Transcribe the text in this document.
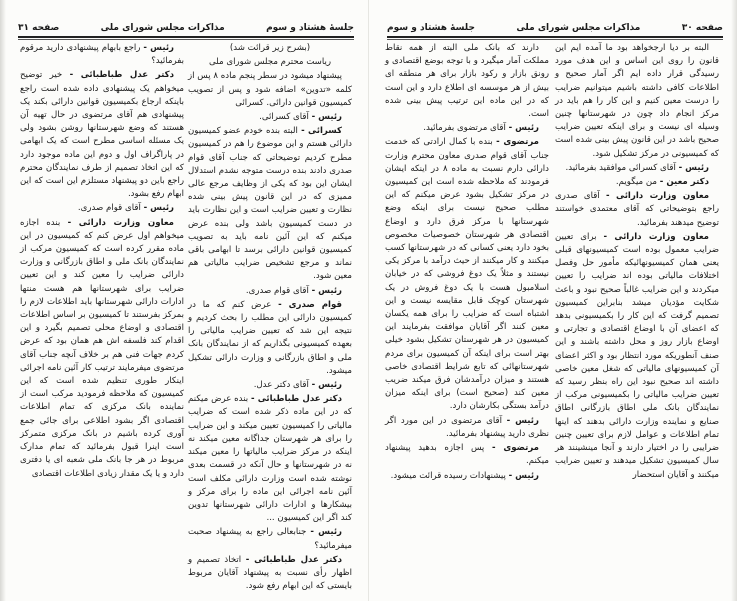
جلسهٔ هشتاد و سوم
مذاکرات مجلس شورای ملی
صفحه ۳۱

(بشرح زیر قرائت شد)

ریاست محترم مجلس شورای ملی

پیشنهاد میشود در سطر پنجم ماده ۸ پس از کلمه «تدوین» اضافه شود و پس از تصویب کمیسیون قوانین دارائی. کسرائی

رئیس - آقای کسرائی.

کسرائی - البته بنده خودم عضو کمیسیون دارائی هستم و این موضوع را هم در کمیسیون مطرح کردیم توضیحاتی که جناب آقای قوام صدری دادند بنده درست متوجه نشدم استدلال ایشان این بود که یکی از وظایف مرجع عالی ممیزی که در این قانون پیش بینی شده نظارت و تعیین ضرایب است و این نظارت باید در دست کمیسیون باشد ولی بنده عرض میکنم که این آئین نامه باید به تصویب کمیسیون قوانین دارائی برسد تا ابهامی باقی نماند و مرجع تشخیص ضرایب مالیاتی هم معین شود.

رئیس - آقای قوام صدری.

قوام صدری - عرض کنم که ما در کمیسیون دارائی این مطلب را بحث کردیم و نتیجه این شد که تعیین ضرایب مالیاتی را بعهده کمیسیونی بگذاریم که از نمایندگان بانک ملی و اطاق بازرگانی و وزارت دارائی تشکیل میشود.

رئیس - آقای دکتر عدل.

دکتر عدل طباطبائی - بنده عرض میکنم که در این ماده ذکر شده است که ضرایب مالیاتی را کمیسیون تعیین میکند و این ضرایب را برای هر شهرستان جداگانه معین میکند نه اینکه در مرکز ضرایب مالیاتها را معین میکند نه در شهرستانها و حال آنکه در قسمت بعدی نوشته شده است وزارت دارائی مکلف است آئین نامه اجرائی این ماده را برای مرکز و بیشکارها و ادارات دارائی شهرستانها تدوین کند اگر این کمیسیون ...

رئیس - جنابعالی راجع به پیشنهاد صحبت میفرمائید؟

دکتر عدل طباطبائی - اتخاذ تصمیم و اظهار رأی نسبت به پیشنهاد آقایان مربوط بایستی که این ابهام رفع شود.

رئیس - راجع بابهام پیشنهادی دارید مرقوم بفرمائید؟

دکتر عدل طباطبائی - خیر توضیح میخواهم یک پیشنهادی داده شده است راجع باینکه ارجاع بکمیسیون قوانین دارائی بکند یک پیشنهادی هم آقای مرتضوی در حال تهیه آن هستند که وضع شهرستانها روشن بشود ولی یک مسئله اساسی مطرح است که یک ابهامی در پاراگراف اول و دوم این ماده موجود دارد که این اتخاذ تصمیم از طرف نمایندگان محترم راجع باین دو پیشنهاد مستلزم این است که این ابهام رفع بشود.

رئیس - آقای قوام صدری.

معاون وزارت دارائی - بنده اجازه میخواهم اول عرض کنم که کمیسیون در این ماده مقرر کرده است که کمیسیون مرکب از نمایندگان بانک ملی و اطاق بازرگانی و وزارت دارائی ضرایب را معین کند و این تعیین ضرایب برای شهرستانها هم هست منتها ادارات دارائی شهرستانها باید اطلاعات لازم را بمرکز بفرستند تا کمیسیون بر اساس اطلاعات اقتصادی و اوضاع محلی تصمیم بگیرد و این اقدام کند فلسفه اش هم همان بود که عرض کردم جهات فنی هم بر خلاف آنچه جناب آقای مرتضوی میفرمایند ترتیب کار آئین نامه اجرائی اینکار طوری تنظیم شده است که این کمیسیون که ملاحظه فرمودید مرکب است از نماینده بانک مرکزی که تمام اطلاعات اقتصادی اگر بشود اطلاعی برای جائی جمع آوری کرده باشیم در بانک مرکزی متمرکز است اینرا قبول بفرمائید که تمام مدارک مربوط در هر جا بانک ملی شعبه ای یا دفتری دارد و یا یک مقدار زیادی اطلاعات اقتصادی

صفحه ۳۰
مذاکرات مجلس شورای ملی
جلسهٔ هشتاد و سوم

البته بر دیا ارجخواهد بود ما آمده ایم این قانون را روی این اساس و این هدف مورد رسیدگی قرار داده ایم اگر آمار صحیح و اطلاعات کافی داشته باشیم میتوانیم ضرایب را درست معین کنیم و این کار را هم باید در مرکز انجام داد چون در شهرستانها چنین وسیله ای نیست و برای اینکه تعیین ضرایب صحیح باشد در این قانون پیش بینی شده است که کمیسیونی در مرکز تشکیل شود.

رئیس - آقای کسرائی موافقید بفرمائید.

دکتر معین - من میگویم.

معاون وزارت دارائی - آقای صدری راجع بتوضیحاتی که آقای معتمدی خواستند توضیح میدهند بفرمائید.

معاون وزارت دارائی - برای تعیین ضرایب معمول بوده است کمیسیونهای قبلی یعنی همان کمیسیونهائیکه مأمور حل وفصل اختلافات مالیاتی بوده اند ضرایب را تعیین میکردند و این ضرایب غالباً صحیح نبود و باعث شکایت مؤدیان میشد بنابراین کمیسیون تصمیم گرفت که این کار را بکمیسیونی بدهد که اعضای آن با اوضاع اقتصادی و تجارتی و اوضاع بازار روز و محل داشته باشند و این صنف آنطوریکه مورد انتظار بود و اکثر اعضای آن کمیسیونهای مالیاتی که شغل معین خاصی داشته اند صحیح نبود این راه بنظر رسید که تعیین ضرایب مالیاتی را بکمیسیونی مرکب از نمایندگان بانک ملی اطاق بازرگانی اطاق صنایع و نماینده وزارت دارائی بدهند که اینها تمام اطلاعات و عوامل لازم برای تعیین چنین ضرایبی را در اختیار دارند و آنجا مینشینند هر سال کمیسیون تشکیل میدهند و تعیین ضرایب میکنند و آقایان استحضار

دارند که بانک ملی البته از همه نقاط مملکت آمار میگیرد و با توجه بوضع اقتصادی و رونق بازار و رکود بازار برای هر منطقه ای بیش از هر موسسه ای اطلاع دارد و این است که در این ماده این ترتیب پیش بینی شده است.

رئیس - آقای مرتضوی بفرمائید.

مرتضوی - بنده با کمال ارادتی که خدمت جناب آقای قوام صدری معاون محترم وزارت دارائی دارم نسبت به ماده ۸ در اینکه ایشان فرمودند که ملاحظه شده است این کمیسیون در مرکز تشکیل بشود عرض میکنم که این مطلب صحیح نیست برای اینکه وضع شهرستانها با مرکز فرق دارد و اوضاع اقتصادی هر شهرستان خصوصیات مخصوص بخود دارد یعنی کسانی که در شهرستانها کسب میکنند و کار میکنند از حیث درآمد با مرکز یکی نیستند و مثلاً یک دوغ فروشی که در خیابان اسلامبول هست با یک دوغ فروش در یک شهرستان کوچک قابل مقایسه نیست و این اشتباه است که ضرایب را برای همه یکسان معین کنند اگر آقایان موافقت بفرمایند این کمیسیون در هر شهرستان تشکیل بشود خیلی بهتر است برای اینکه آن کمیسیون برای مردم شهرستانهائی که تابع شرایط اقتصادی خاصی هستند و میزان درآمدشان فرق میکند ضریب معین کند (صحیح است) برای اینکه میزان درآمد بستگی بکارشان دارد.

رئیس - آقای مرتضوی در این مورد اگر نظری دارید پیشنهاد بفرمائید.

مرتضوی - پس اجازه بدهید پیشنهاد میکنم.

رئیس - پیشنهادات رسیده قرائت میشود.
